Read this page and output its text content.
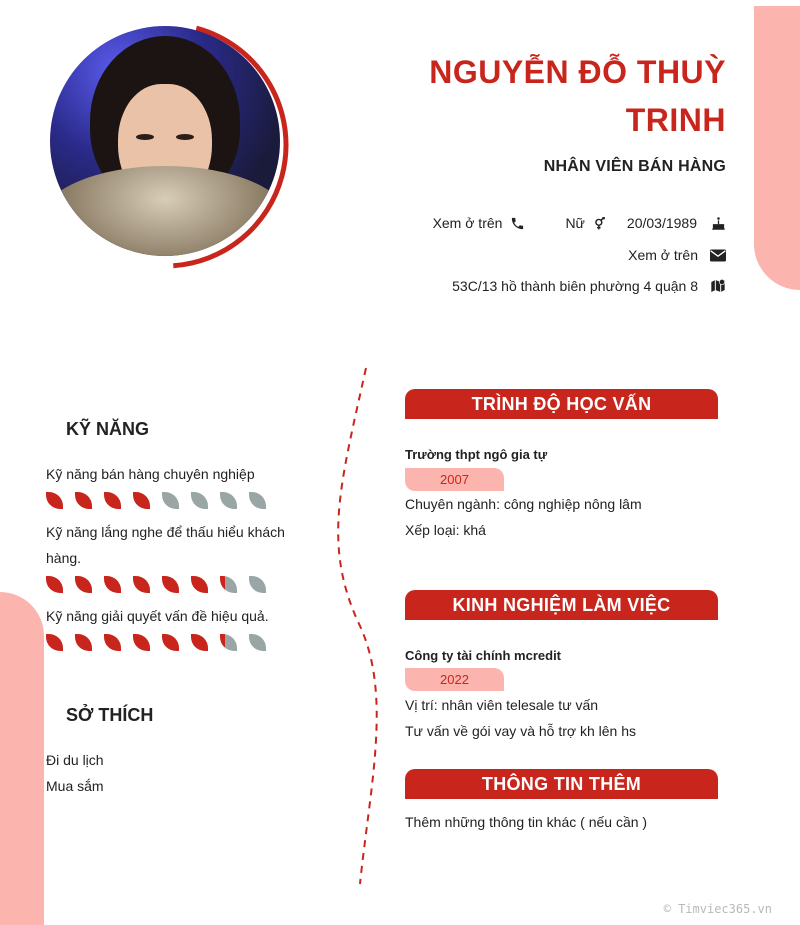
NGUYỄN ĐỖ THUỲ TRINH
NHÂN VIÊN BÁN HÀNG
Xem ở trên	Nữ	20/03/1989
Xem ở trên
53C/13 hồ thành biên phường 4 quận 8
KỸ NĂNG
Kỹ năng bán hàng chuyên nghiệp
Kỹ năng lắng nghe để thấu hiểu khách hàng.
Kỹ năng giải quyết vấn đề hiệu quả.
SỞ THÍCH
Đi du lịch
Mua sắm
TRÌNH ĐỘ HỌC VẤN
Trường thpt ngô gia tự
2007
Chuyên ngành: công nghiệp nông lâm
Xếp loại: khá
KINH NGHIỆM LÀM VIỆC
Công ty tài chính mcredit
2022
Vị trí: nhân viên telesale tư vấn
Tư vấn về gói vay và hỗ trợ kh lên hs
THÔNG TIN THÊM
Thêm những thông tin khác ( nếu cần )
© Timviec365.vn
